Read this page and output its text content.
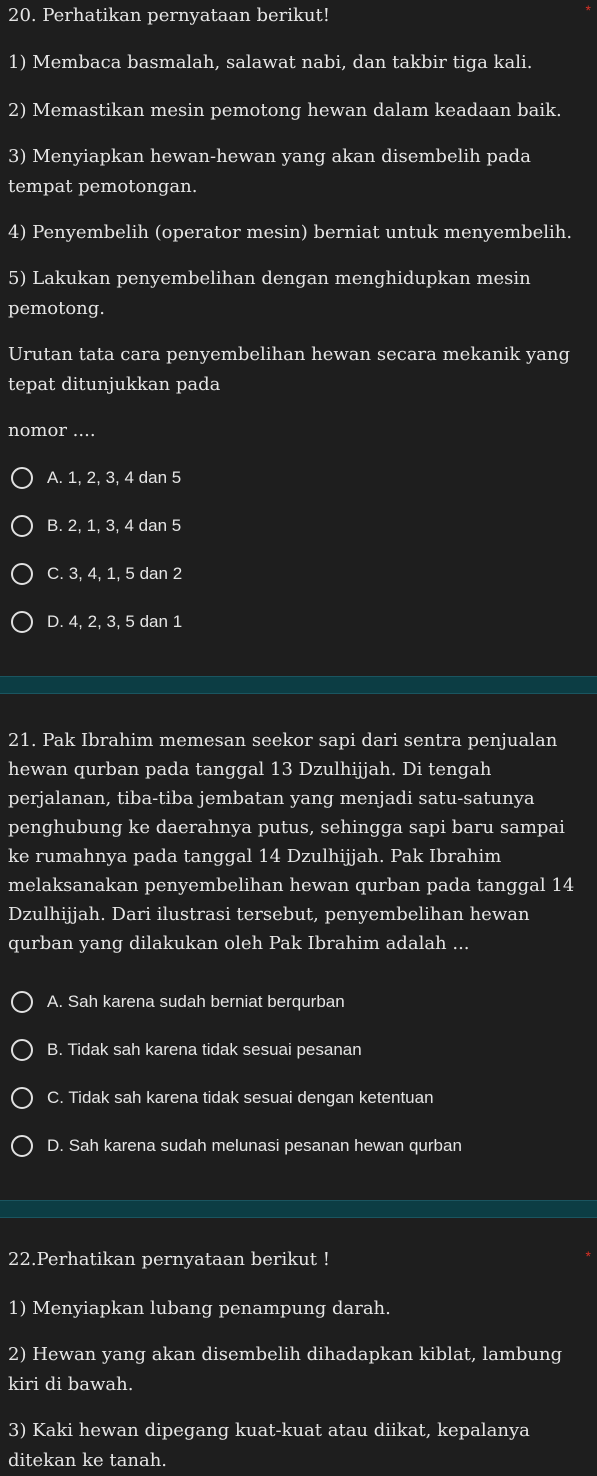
20. Perhatikan pernyataan berikut!	*

1) Membaca basmalah, salawat nabi, dan takbir tiga kali.

2) Memastikan mesin pemotong hewan dalam keadaan baik.

3) Menyiapkan hewan-hewan yang akan disembelih pada tempat pemotongan.

4) Penyembelih (operator mesin) berniat untuk menyembelih.

5) Lakukan penyembelihan dengan menghidupkan mesin pemotong.

Urutan tata cara penyembelihan hewan secara mekanik yang tepat ditunjukkan pada

nomor ....

A. 1, 2, 3, 4 dan 5
B. 2, 1, 3, 4 dan 5
C. 3, 4, 1, 5 dan 2
D. 4, 2, 3, 5 dan 1

21. Pak Ibrahim memesan seekor sapi dari sentra penjualan hewan qurban pada tanggal 13 Dzulhijjah. Di tengah perjalanan, tiba-tiba jembatan yang menjadi satu-satunya penghubung ke daerahnya putus, sehingga sapi baru sampai ke rumahnya pada tanggal 14 Dzulhijjah. Pak Ibrahim melaksanakan penyembelihan hewan qurban pada tanggal 14 Dzulhijjah. Dari ilustrasi tersebut, penyembelihan hewan qurban yang dilakukan oleh Pak Ibrahim adalah ...

A. Sah karena sudah berniat berqurban
B. Tidak sah karena tidak sesuai pesanan
C. Tidak sah karena tidak sesuai dengan ketentuan
D. Sah karena sudah melunasi pesanan hewan qurban

22.Perhatikan pernyataan berikut !	*

1) Menyiapkan lubang penampung darah.

2) Hewan yang akan disembelih dihadapkan kiblat, lambung kiri di bawah.

3) Kaki hewan dipegang kuat-kuat atau diikat, kepalanya ditekan ke tanah.
